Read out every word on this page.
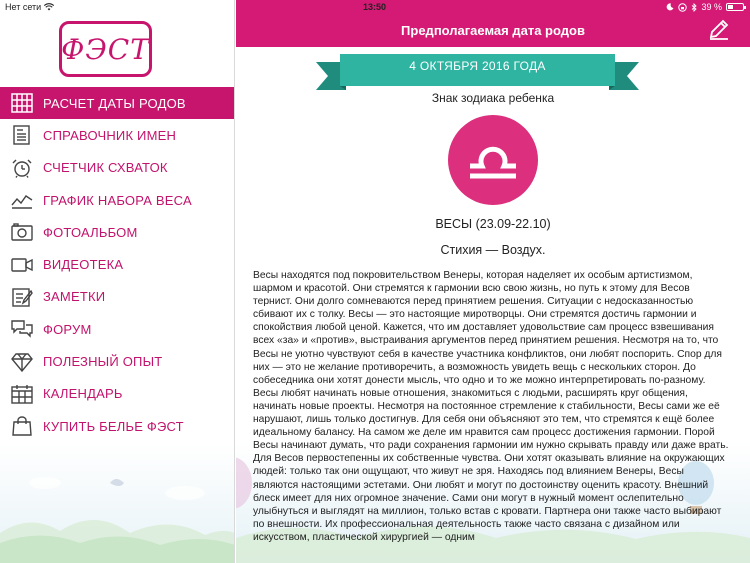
Нет сети	13:50	39 %
ФЭСТ
РАСЧЕТ ДАТЫ РОДОВ
СПРАВОЧНИК ИМЕН
СЧЕТЧИК СХВАТОК
ГРАФИК НАБОРА ВЕСА
ФОТОАЛЬБОМ
ВИДЕОТЕКА
ЗАМЕТКИ
ФОРУМ
ПОЛЕЗНЫЙ ОПЫТ
КАЛЕНДАРЬ
КУПИТЬ БЕЛЬЕ ФЭСТ
Предполагаемая дата родов
4 ОКТЯБРЯ 2016 ГОДА
Знак зодиака ребенка
ВЕСЫ (23.09-22.10)
Стихия — Воздух.

Весы находятся под покровительством Венеры, которая наделяет их особым артистизмом, шармом и красотой. Они стремятся к гармонии всю свою жизнь, но путь к этому для Весов тернист. Они долго сомневаются перед принятием решения. Ситуации с недосказанностью сбивают их с толку. Весы — это настоящие миротворцы. Они стремятся достичь гармонии и спокойствия любой ценой. Кажется, что им доставляет удовольствие сам процесс взвешивания всех «за» и «против», выстраивания аргументов перед принятием решения. Несмотря на то, что Весы не уютно чувствуют себя в качестве участника конфликтов, они любят поспорить. Спор для них — это не желание противоречить, а возможность увидеть вещь с нескольких сторон. До собеседника они хотят донести мысль, что одно и то же можно интерпретировать по-разному.

Весы любят начинать новые отношения, знакомиться с людьми, расширять круг общения, начинать новые проекты. Несмотря на постоянное стремление к стабильности, Весы сами же её нарушают, лишь только достигнув. Для себя они объясняют это тем, что стремятся к ещё более идеальному балансу. На самом же деле им нравится сам процесс достижения гармонии. Порой Весы начинают думать, что ради сохранения гармонии им нужно скрывать правду или даже врать.

Для Весов первостепенны их собственные чувства. Они хотят оказывать влияние на окружающих людей: только так они ощущают, что живут не зря. Находясь под влиянием Венеры, Весы являются настоящими эстетами. Они любят и могут по достоинству оценить красоту. Внешний блеск имеет для них огромное значение. Сами они могут в нужный момент ослепительно улыбнуться и выглядят на миллион, только встав с кровати. Партнера они также часто выбирают по внешности. Их профессиональная деятельность также часто связана с дизайном или искусством, пластической хирургией — одним
